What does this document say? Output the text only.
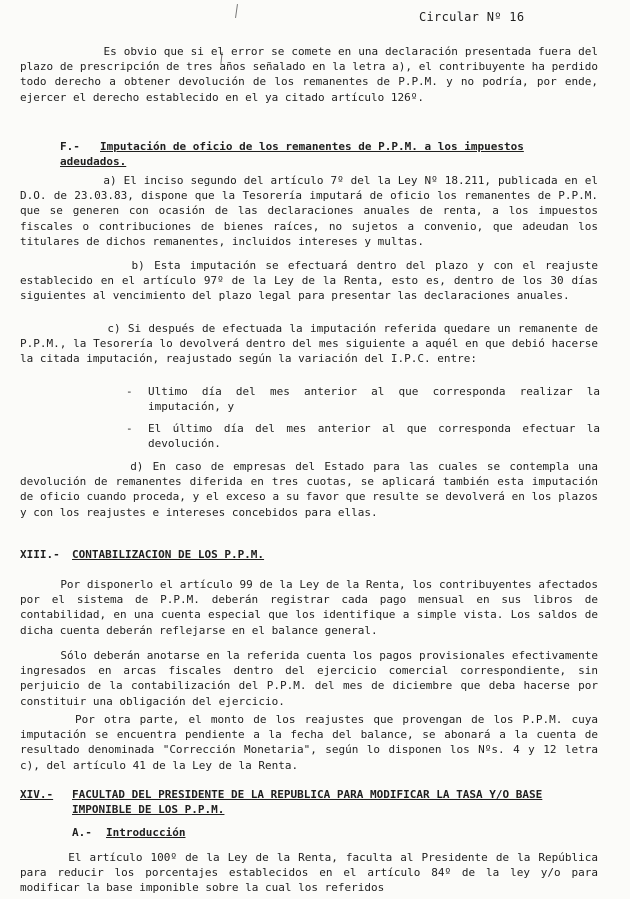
Circular Nº 16

Es obvio que si el error se comete en una declaración presentada fuera del plazo de prescripción de tres años señalado en la letra a), el contribuyente ha perdido todo derecho a obtener devolución de los remanentes de P.P.M. y no podría, por ende, ejercer el derecho establecido en el ya citado artículo 126º.

F.- Imputación de oficio de los remanentes de P.P.M. a los impuestos adeudados.

a) El inciso segundo del artículo 7º del la Ley Nº 18.211, publicada en el D.O. de 23.03.83, dispone que la Tesorería imputará de oficio los remanentes de P.P.M. que se generen con ocasión de las declaraciones anuales de renta, a los impuestos fiscales o contribuciones de bienes raíces, no sujetos a convenio, que adeudan los titulares de dichos remanentes, incluidos intereses y multas.

b) Esta imputación se efectuará dentro del plazo y con el reajuste establecido en el artículo 97º de la Ley de la Renta, esto es, dentro de los 30 días siguientes al vencimiento del plazo legal para presentar las declaraciones anuales.

c) Si después de efectuada la imputación referida quedare un remanente de P.P.M., la Tesorería lo devolverá dentro del mes siguiente a aquél en que debió hacerse la citada imputación, reajustado según la variación del I.P.C. entre:

- Ultimo día del mes anterior al que corresponda realizar la imputación, y

- El último día del mes anterior al que corresponda efectuar la devolución.

d) En caso de empresas del Estado para las cuales se contempla una devolución de remanentes diferida en tres cuotas, se aplicará también esta imputación de oficio cuando proceda, y el exceso a su favor que resulte se devolverá en los plazos y con los reajustes e intereses concebidos para ellas.

XIII.- CONTABILIZACION DE LOS P.P.M.

Por disponerlo el artículo 99 de la Ley de la Renta, los contribuyentes afectados por el sistema de P.P.M. deberán registrar cada pago mensual en sus libros de contabilidad, en una cuenta especial que los identifique a simple vista. Los saldos de dicha cuenta deberán reflejarse en el balance general.

Sólo deberán anotarse en la referida cuenta los pagos provisionales efectivamente ingresados en arcas fiscales dentro del ejercicio comercial correspondiente, sin perjuicio de la contabilización del P.P.M. del mes de diciembre que deba hacerse por constituir una obligación del ejercicio.

Por otra parte, el monto de los reajustes que provengan de los P.P.M. cuya imputación se encuentra pendiente a la fecha del balance, se abonará a la cuenta de resultado denominada "Corrección Monetaria", según lo disponen los Nºs. 4 y 12 letra c), del artículo 41 de la Ley de la Renta.

XIV.-	FACULTAD DEL PRESIDENTE DE LA REPUBLICA PARA MODIFICAR LA TASA Y/O BASE IMPONIBLE DE LOS P.P.M.
A.- Introducción

El artículo 100º de la Ley de la Renta, faculta al Presidente de la República para reducir los porcentajes establecidos en el artículo 84º de la ley y/o para modificar la base imponible sobre la cual los referidos
